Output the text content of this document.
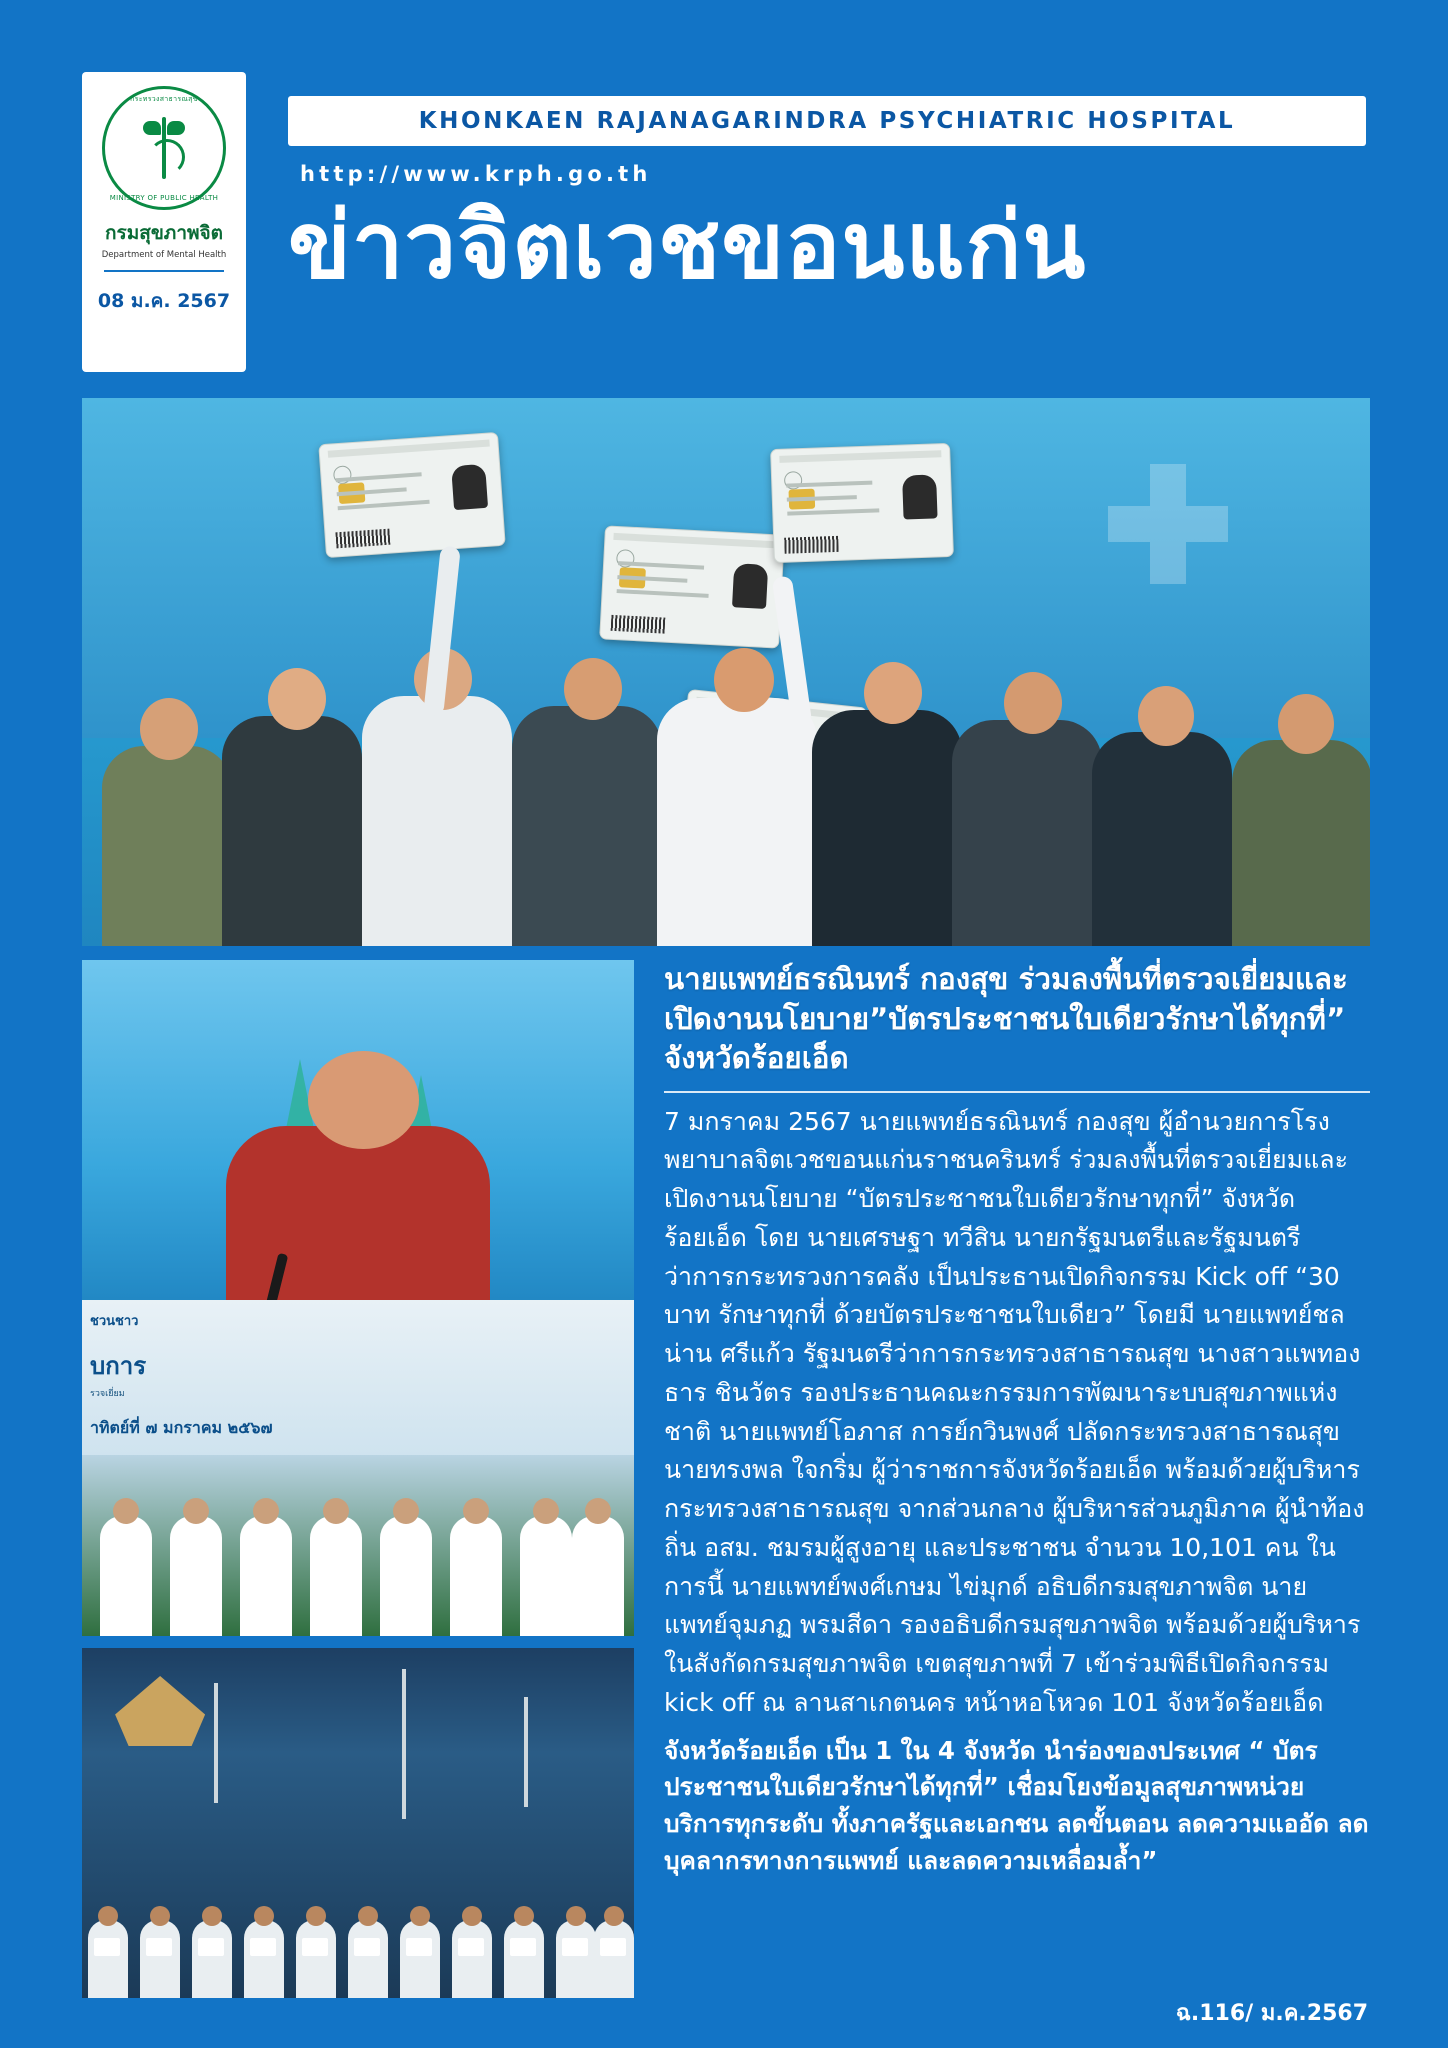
กระทรวงสาธารณสุข
MINISTRY OF PUBLIC HEALTH
กรมสุขภาพจิต
Department of Mental Health
08 ม.ค. 2567
KHONKAEN RAJANAGARINDRA PSYCHIATRIC HOSPITAL
http://www.krph.go.th
ข่าวจิตเวชขอนแก่น
ชวนชาว
บการ
รวจเยี่ยม
าทิตย์ที่ ๗ มกราคม ๒๕๖๗
นายแพทย์ธรณินทร์ กองสุข ร่วมลงพื้นที่ตรวจเยี่ยมและเปิดงานนโยบาย”บัตรประชาชนใบเดียวรักษาได้ทุกที่” จังหวัดร้อยเอ็ด
7 มกราคม 2567 นายแพทย์ธรณินทร์ กองสุข ผู้อำนวยการโรงพยาบาลจิตเวชขอนแก่นราชนครินทร์ ร่วมลงพื้นที่ตรวจเยี่ยมและเปิดงานนโยบาย “บัตรประชาชนใบเดียวรักษาทุกที่” จังหวัดร้อยเอ็ด โดย นายเศรษฐา ทวีสิน นายกรัฐมนตรีและรัฐมนตรีว่าการกระทรวงการคลัง เป็นประธานเปิดกิจกรรม Kick off “30 บาท รักษาทุกที่ ด้วยบัตรประชาชนใบเดียว” โดยมี นายแพทย์ชลน่าน ศรีแก้ว รัฐมนตรีว่าการกระทรวงสาธารณสุข นางสาวแพทองธาร ชินวัตร รองประธานคณะกรรมการพัฒนาระบบสุขภาพแห่งชาติ นายแพทย์โอภาส การย์กวินพงศ์ ปลัดกระทรวงสาธารณสุข นายทรงพล ใจกริ่ม ผู้ว่าราชการจังหวัดร้อยเอ็ด พร้อมด้วยผู้บริหารกระทรวงสาธารณสุข จากส่วนกลาง ผู้บริหารส่วนภูมิภาค ผู้นำท้องถิ่น อสม. ชมรมผู้สูงอายุ และประชาชน จำนวน 10,101 คน ในการนี้ นายแพทย์พงศ์เกษม ไข่มุกด์ อธิบดีกรมสุขภาพจิต นายแพทย์จุมภฏ พรมสีดา รองอธิบดีกรมสุขภาพจิต พร้อมด้วยผู้บริหารในสังกัดกรมสุขภาพจิต เขตสุขภาพที่ 7 เข้าร่วมพิธีเปิดกิจกรรม kick off ณ ลานสาเกตนคร หน้าหอโหวด 101 จังหวัดร้อยเอ็ด
จังหวัดร้อยเอ็ด เป็น 1 ใน 4 จังหวัด นำร่องของประเทศ “ บัตรประชาชนใบเดียวรักษาได้ทุกที่” เชื่อมโยงข้อมูลสุขภาพหน่วยบริการทุกระดับ ทั้งภาครัฐและเอกชน ลดขั้นตอน ลดความแออัด ลดบุคลากรทางการแพทย์ และลดความเหลื่อมล้ำ”
ฉ.116/ ม.ค.2567
